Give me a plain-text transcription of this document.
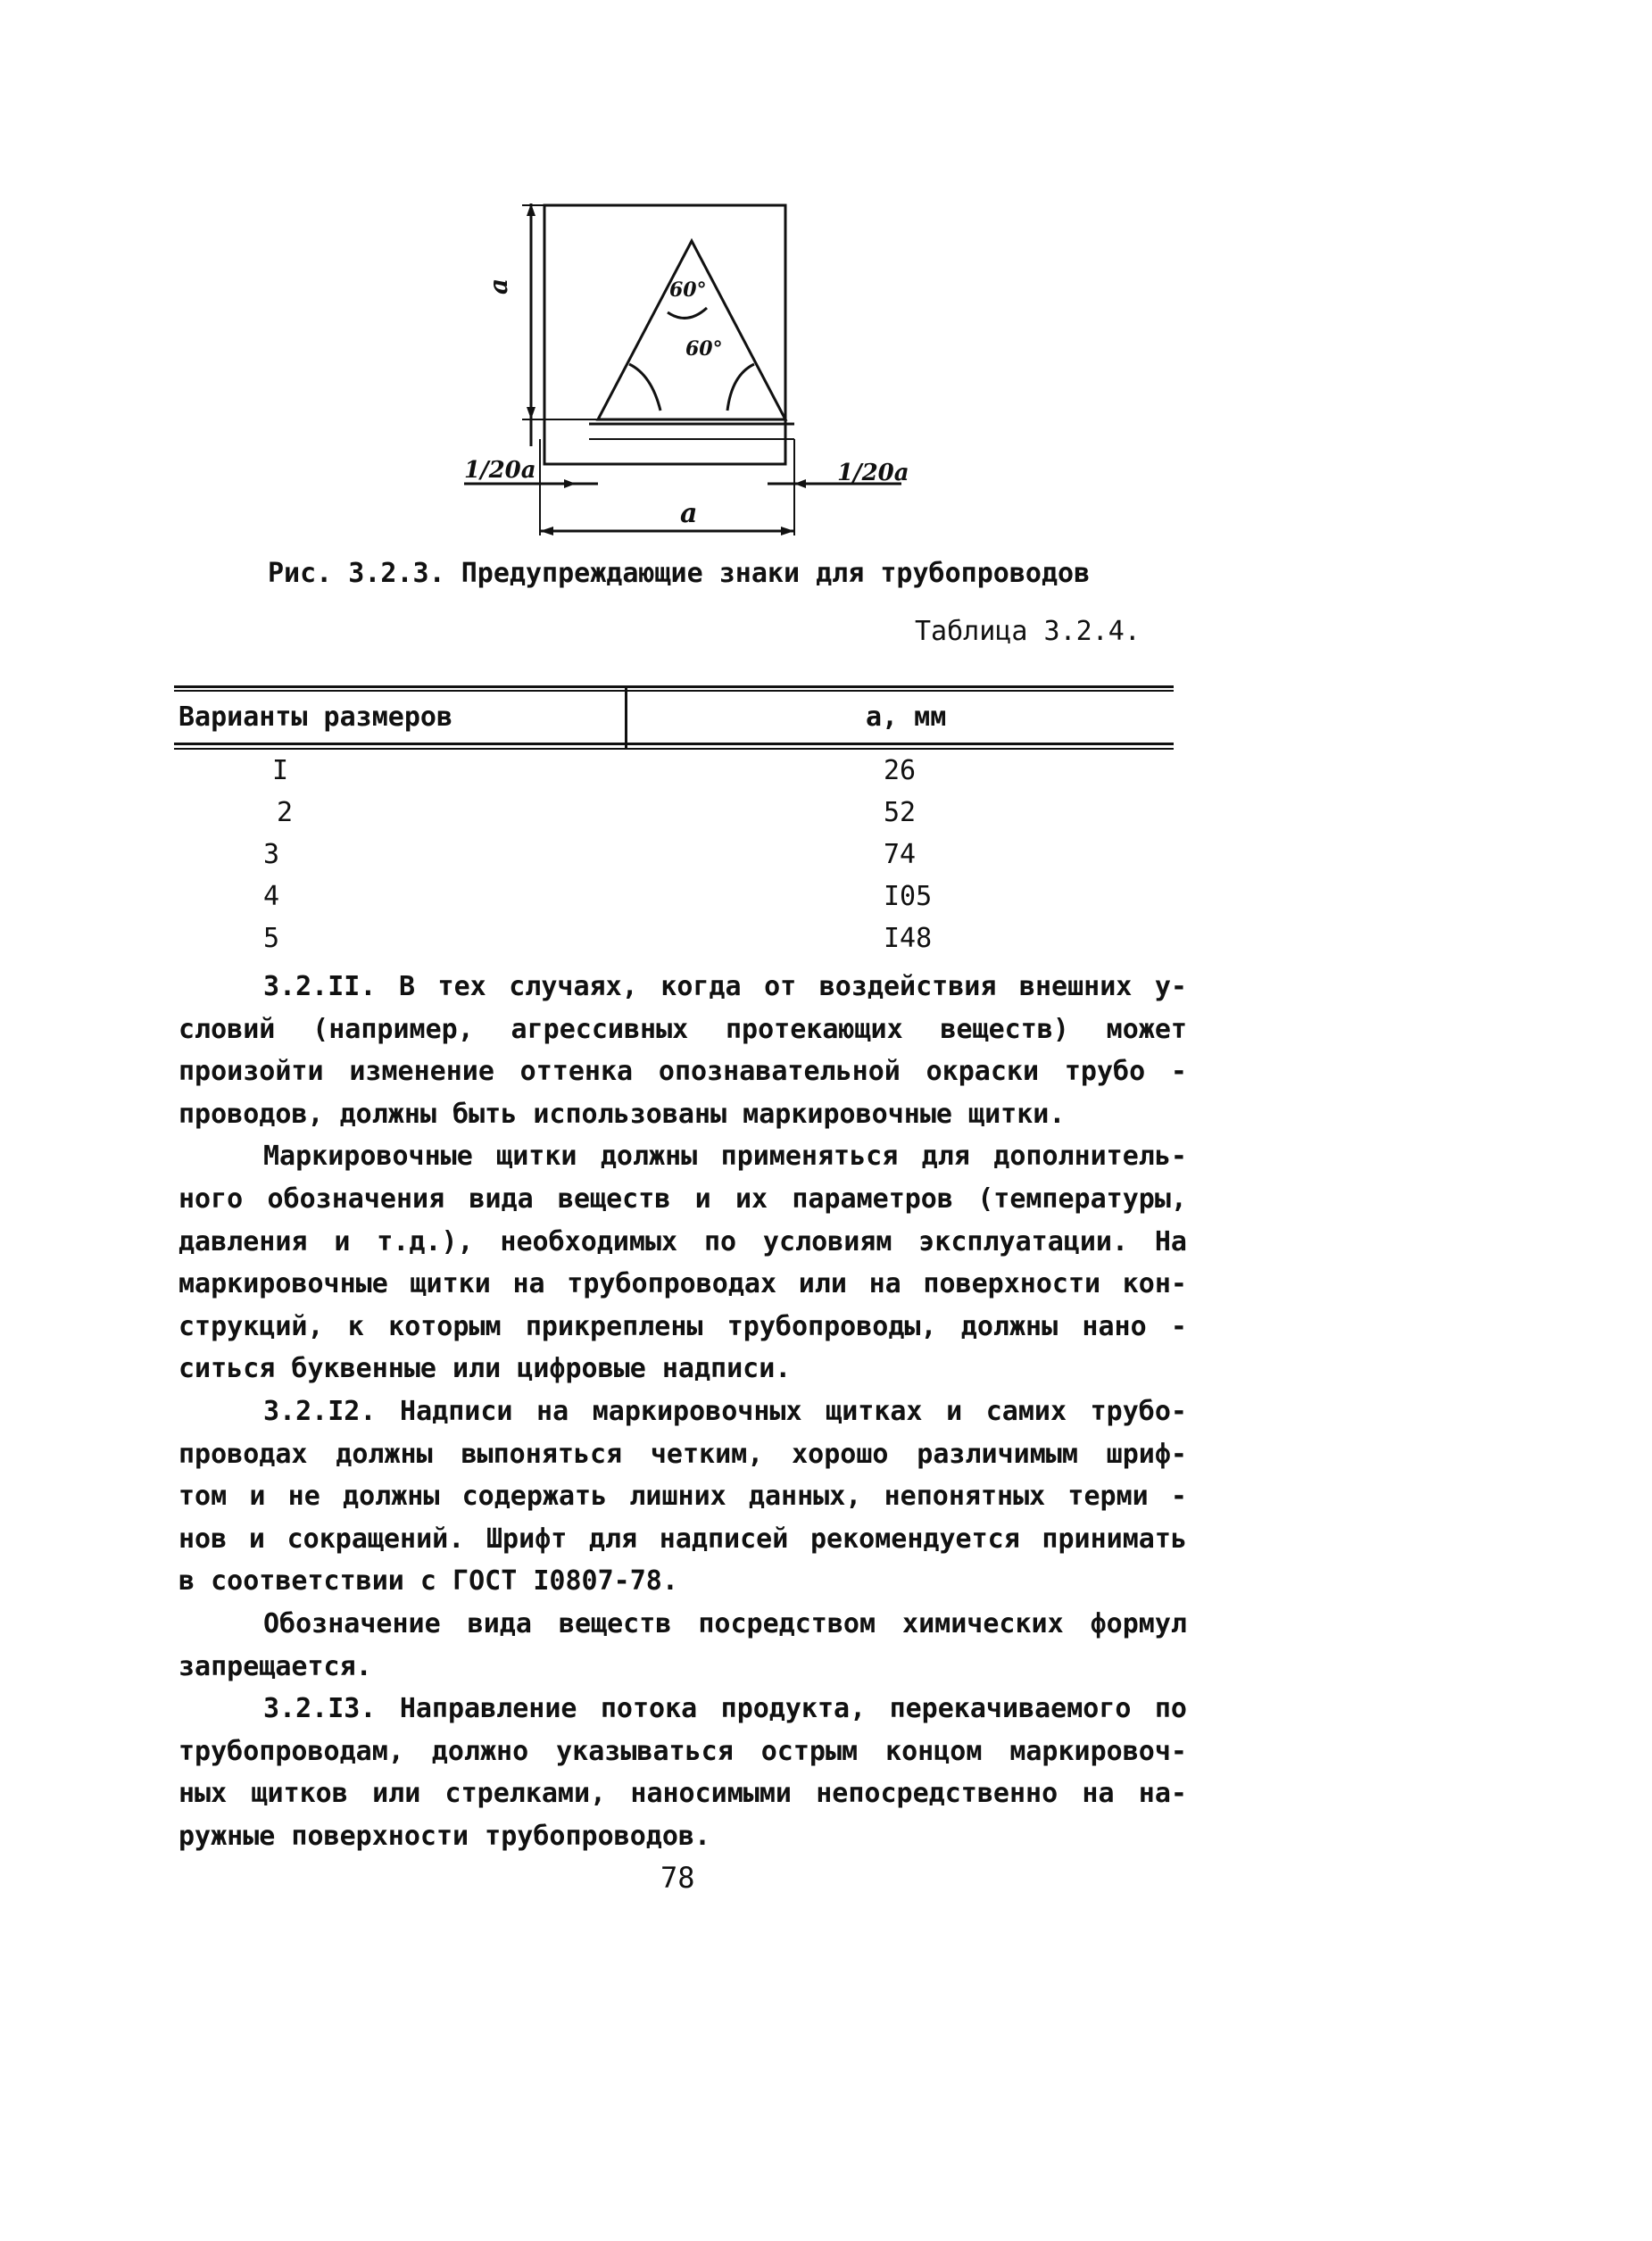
60°
60°
a
a
1/20a	1/20a
Рис. 3.2.3. Предупреждающие знаки для трубопроводов
Таблица 3.2.4.
Варианты размеров	а, мм
I	26
2	52
3	74
4	I05
5	I48
3.2.II. В тех случаях, когда от воздействия внешних у-
словий (например, агрессивных протекающих веществ) может
произойти изменение оттенка опознавательной окраски трубо -
проводов, должны быть использованы маркировочные щитки.
Маркировочные щитки должны применяться для дополнитель-
ного обозначения вида веществ и их параметров (температуры,
давления и т.д.), необходимых по условиям эксплуатации. На
маркировочные щитки на трубопроводах или на поверхности кон-
струкций, к которым прикреплены трубопроводы, должны нано -
ситься буквенные или цифровые надписи.
3.2.I2. Надписи на маркировочных щитках и самих трубо-
проводах должны выпоняться четким, хорошо различимым шриф-
том и не должны содержать лишних данных, непонятных терми -
нов и сокращений. Шрифт для надписей рекомендуется принимать
в соответствии с ГОСТ I0807-78.
Обозначение вида веществ посредством химических формул
запрещается.
3.2.I3. Направление потока продукта, перекачиваемого по
трубопроводам, должно указываться острым концом маркировоч-
ных щитков или стрелками, наносимыми непосредственно на на-
ружные поверхности трубопроводов.
78
